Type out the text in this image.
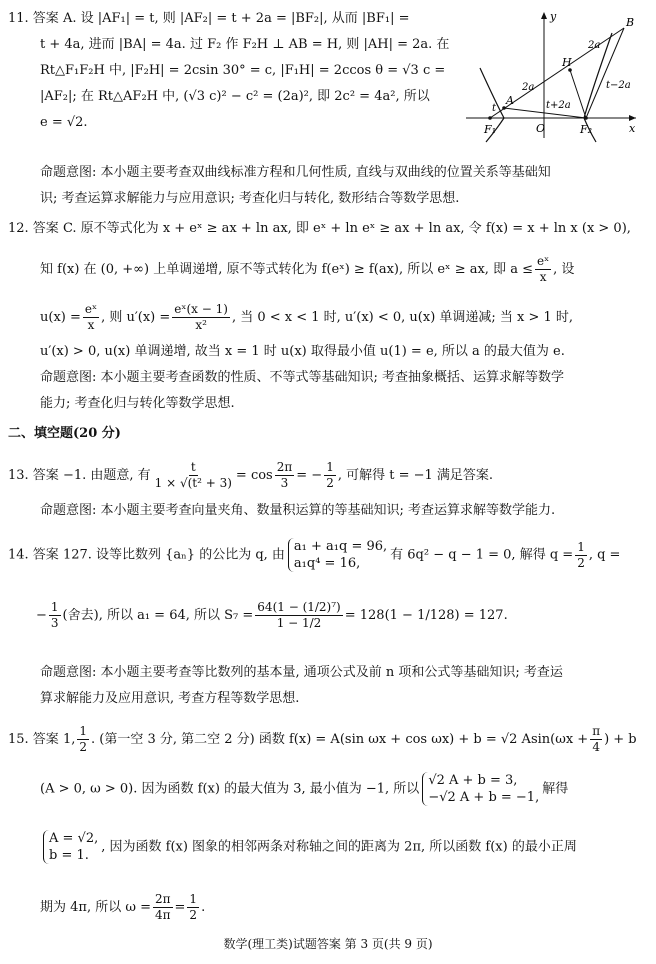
11. 答案 A. 设 |AF₁| = t, 则 |AF₂| = t + 2a = |BF₂|, 从而 |BF₁| =
t + 4a, 进而 |BA| = 4a. 过 F₂ 作 F₂H ⊥ AB = H, 则 |AH| = 2a. 在
Rt△F₁F₂H 中, |F₂H| = 2csin 30° = c, |F₁H| = 2ccos θ = √3 c =
|AF₂|; 在 Rt△AF₂H 中, (√3 c)² − c² = (2a)², 即 2c² = 4a², 所以
e = √2.
y
x
B
H
A
O
F₁	F₂
t
2a
2a
t+2a
t−2a
命题意图: 本小题主要考查双曲线标准方程和几何性质, 直线与双曲线的位置关系等基础知
识; 考查运算求解能力与应用意识; 考查化归与转化, 数形结合等数学思想.
12. 答案 C. 原不等式化为 x + eˣ ≥ ax + ln ax, 即 eˣ + ln eˣ ≥ ax + ln ax, 令 f(x) = x + ln x (x > 0),
知 f(x) 在 (0, +∞) 上单调递增, 原不等式转化为 f(eˣ) ≥ f(ax), 所以 eˣ ≥ ax, 即 $a \le \frac{\text{eˣ}}{x}$ , 设
$u(x) = \frac{\text{eˣ}}{x}$ , 则 $u'(x) = \frac{\text{eˣ(x − 1)}}{\text{x²}}$ , 当 0 < x < 1 时, u′(x) < 0, u(x) 单调递减; 当 x > 1 时,
u′(x) > 0, u(x) 单调递增, 故当 x = 1 时 u(x) 取得最小值 u(1) = e, 所以 a 的最大值为 e.
命题意图: 本小题主要考查函数的性质、不等式等基础知识; 考查抽象概括、运算求解等数学
能力; 考查化归与转化等数学思想.
二、填空题(20 分)
13. 答案 −1. 由题意, 有 $\frac{t}{\text{1 × √(t² + 3)}} = \cos \frac{2\pi}{3}$ = − $\frac{1}{2}$ , 可解得 t = −1 满足答案.
命题意图: 本小题主要考查向量夹角、数量积运算的等基础知识; 考查运算求解等数学能力.
14. 答案 127. 设等比数列 {aₙ} 的公比为 q, 由
a₁ + a₁q = 96,
a₁q⁴ = 16,
有 6q² − q − 1 = 0, 解得 $q = \frac{1}{2}$ , q =
− $\frac{1}{3}$ (舍去), 所以 a₁ = 64, 所以 $S_7 = \frac{\text{64(1 − (1/2)⁷)}}{1 - 1/2} = 128(1 - 1/128) = 127$.
命题意图: 本小题主要考查等比数列的基本量, 通项公式及前 n 项和公式等基础知识; 考查运
算求解能力及应用意识, 考查方程等数学思想.
15. 答案 1, $\frac{1}{2}$ . (第一空 3 分, 第二空 2 分) 函数 f(x) = A(sin ωx + cos ωx) + b = √2 $Asin(\omega x + \frac{\pi}{4}$ ) + b
(A > 0, ω > 0). 因为函数 f(x) 的最大值为 3, 最小值为 −1, 所以
√2 A + b = 3,
−√2 A + b = −1,
解得
A = √2,
b = 1.
, 因为函数 f(x) 图象的相邻两条对称轴之间的距离为 2π, 所以函数 f(x) 的最小正周
期为 4π, 所以 $\omega = \frac{2\pi}{4\pi} = \frac{1}{2}$ .
数学(理工类)试题答案 第 3 页(共 9 页)
